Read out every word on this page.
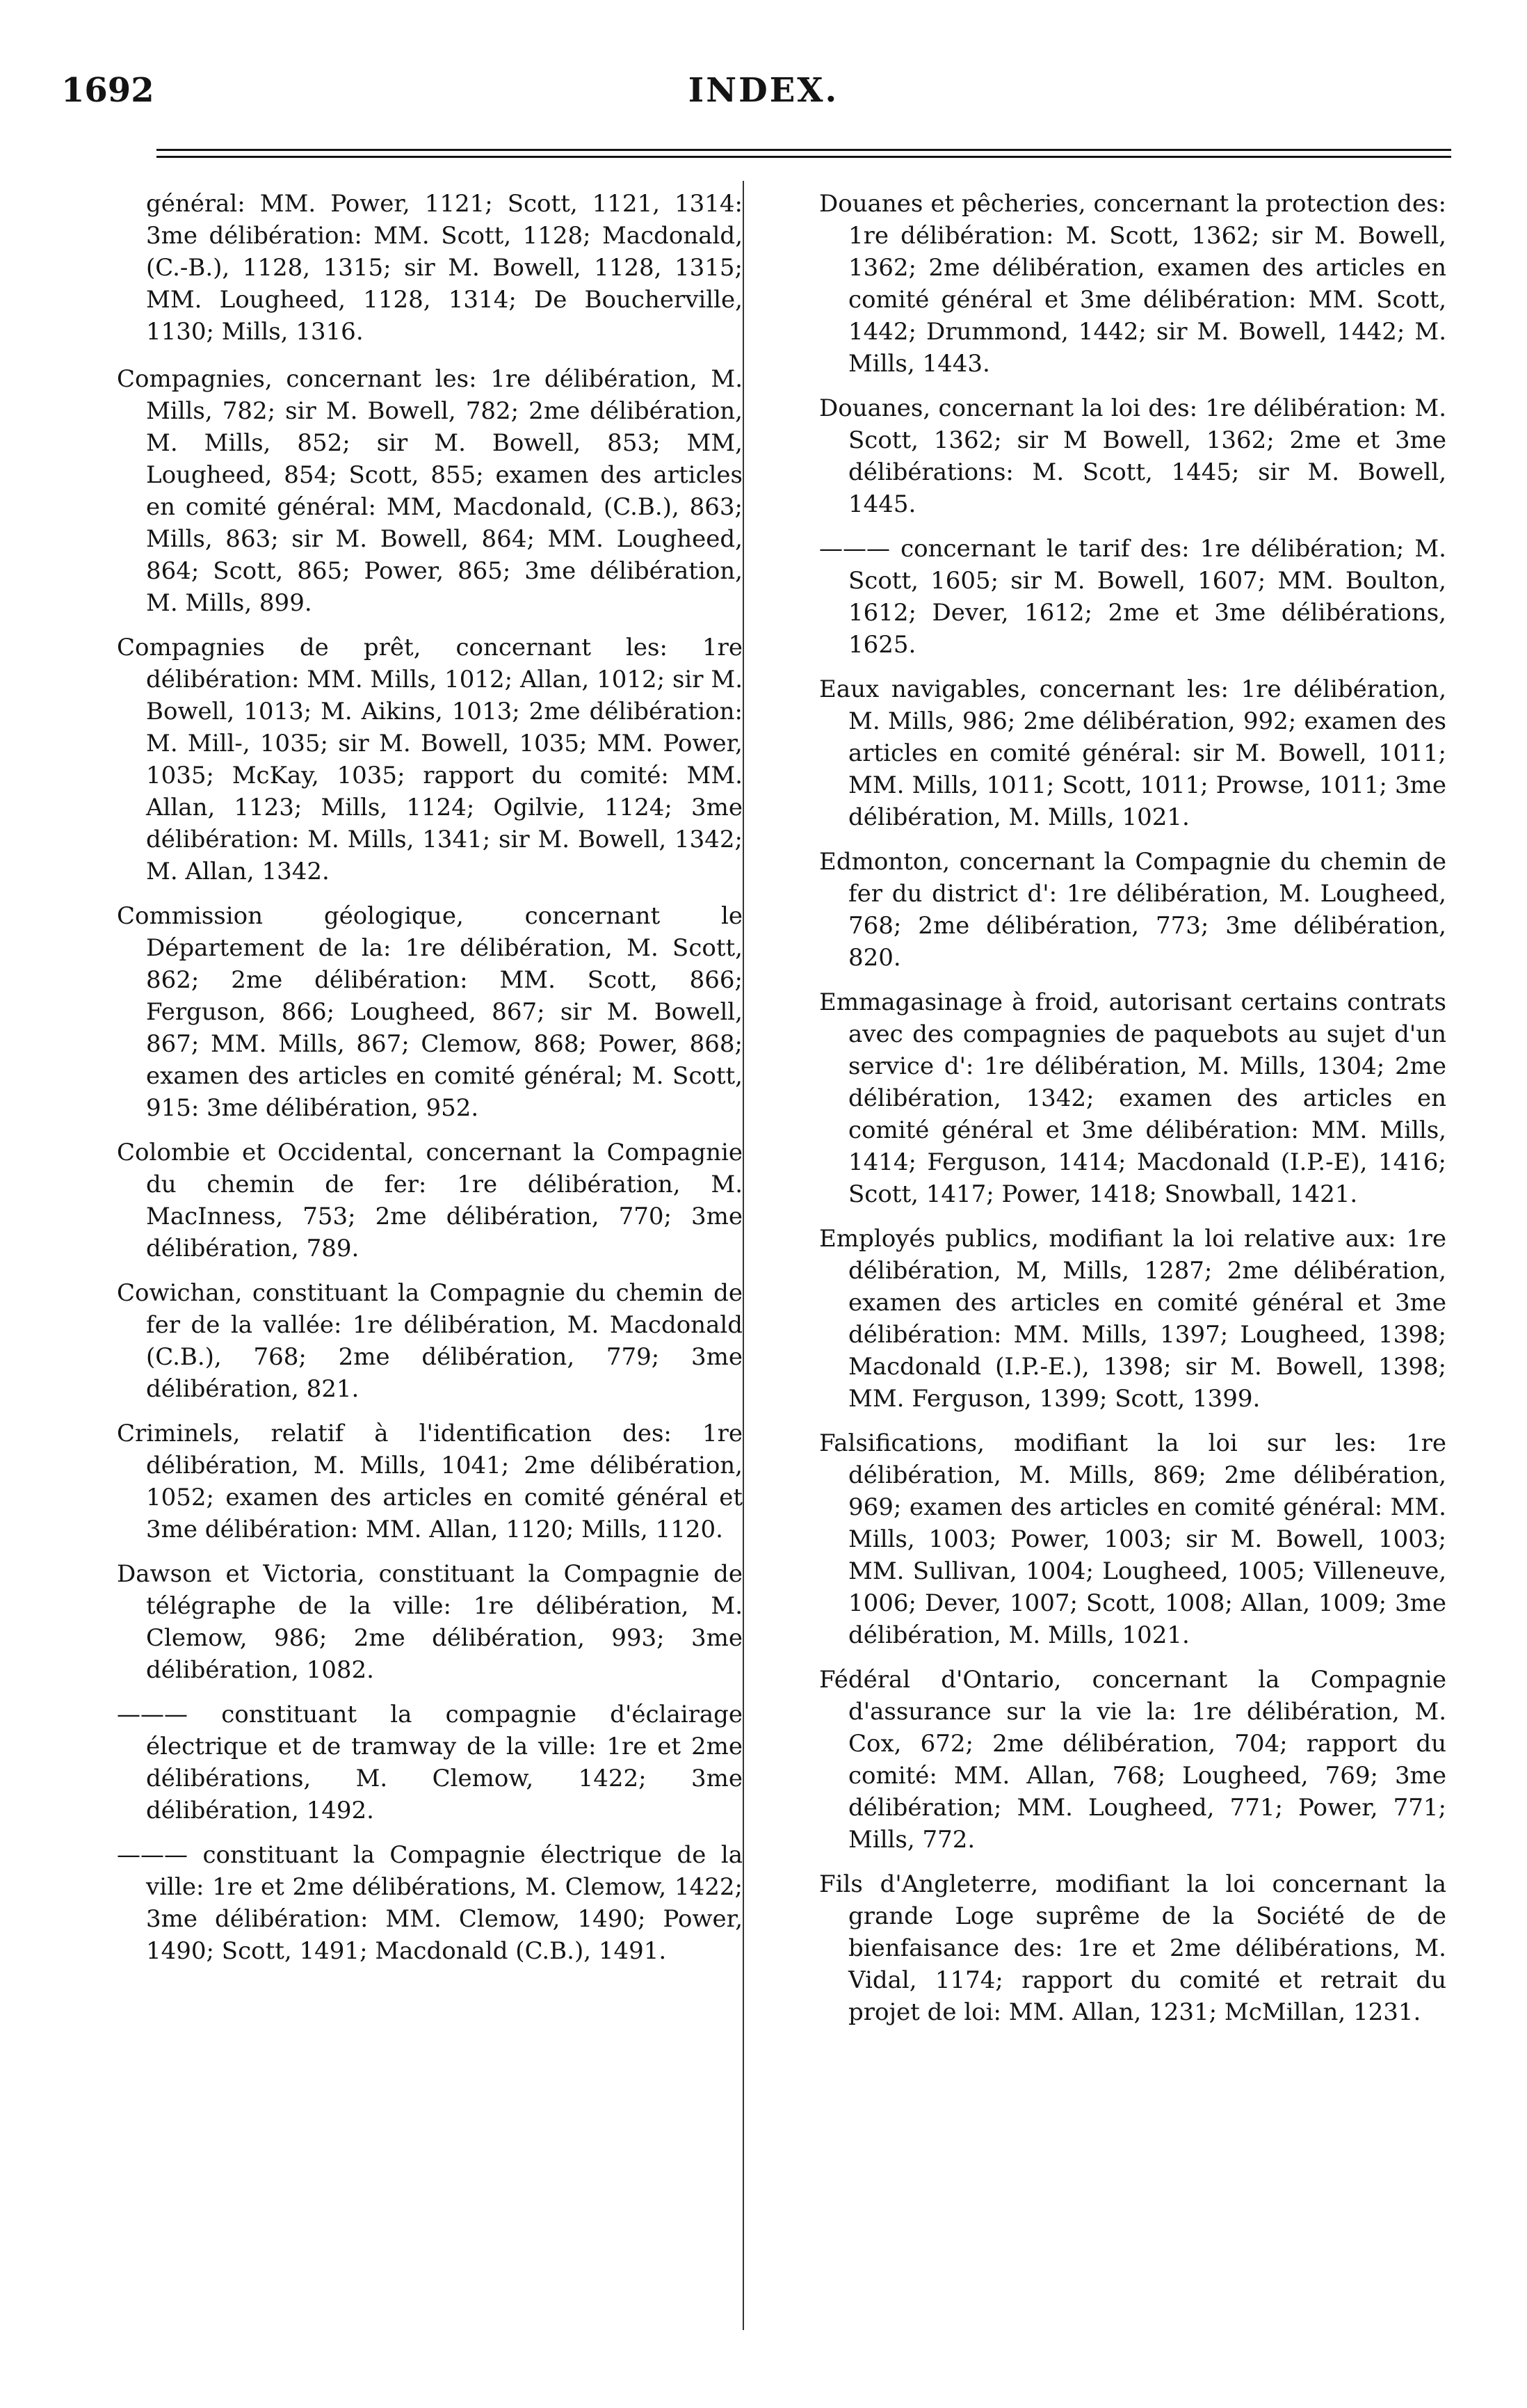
1692	INDEX.

général: MM. Power, 1121; Scott, 1121, 1314: 3me délibération: MM. Scott, 1128; Macdonald, (C.-B.), 1128, 1315; sir M. Bowell, 1128, 1315; MM. Lougheed, 1128, 1314; De Boucherville, 1130; Mills, 1316.

Compagnies, concernant les: 1re délibération, M. Mills, 782; sir M. Bowell, 782; 2me délibération, M. Mills, 852; sir M. Bowell, 853; MM, Lougheed, 854; Scott, 855; examen des articles en comité général: MM, Macdonald, (C.B.), 863; Mills, 863; sir M. Bowell, 864; MM. Lougheed, 864; Scott, 865; Power, 865; 3me délibération, M. Mills, 899.

Compagnies de prêt, concernant les: 1re délibération: MM. Mills, 1012; Allan, 1012; sir M. Bowell, 1013; M. Aikins, 1013; 2me délibération: M. Mill-, 1035; sir M. Bowell, 1035; MM. Power, 1035; McKay, 1035; rapport du comité: MM. Allan, 1123; Mills, 1124; Ogilvie, 1124; 3me délibération: M. Mills, 1341; sir M. Bowell, 1342; M. Allan, 1342.

Commission géologique, concernant le Département de la: 1re délibération, M. Scott, 862; 2me délibération: MM. Scott, 866; Ferguson, 866; Lougheed, 867; sir M. Bowell, 867; MM. Mills, 867; Clemow, 868; Power, 868; examen des articles en comité général; M. Scott, 915: 3me délibération, 952.

Colombie et Occidental, concernant la Compagnie du chemin de fer: 1re délibération, M. MacInness, 753; 2me délibération, 770; 3me délibération, 789.

Cowichan, constituant la Compagnie du chemin de fer de la vallée: 1re délibération, M. Macdonald (C.B.), 768; 2me délibération, 779; 3me délibération, 821.

Criminels, relatif à l'identification des: 1re délibération, M. Mills, 1041; 2me délibération, 1052; examen des articles en comité général et 3me délibération: MM. Allan, 1120; Mills, 1120.

Dawson et Victoria, constituant la Compagnie de télégraphe de la ville: 1re délibération, M. Clemow, 986; 2me délibération, 993; 3me délibération, 1082.

——— constituant la compagnie d'éclairage électrique et de tramway de la ville: 1re et 2me délibérations, M. Clemow, 1422; 3me délibération, 1492.

——— constituant la Compagnie électrique de la ville: 1re et 2me délibérations, M. Clemow, 1422; 3me délibération: MM. Clemow, 1490; Power, 1490; Scott, 1491; Macdonald (C.B.), 1491.

Douanes et pêcheries, concernant la protection des: 1re délibération: M. Scott, 1362; sir M. Bowell, 1362; 2me délibération, examen des articles en comité général et 3me délibération: MM. Scott, 1442; Drummond, 1442; sir M. Bowell, 1442; M. Mills, 1443.

Douanes, concernant la loi des: 1re délibération: M. Scott, 1362; sir M Bowell, 1362; 2me et 3me délibérations: M. Scott, 1445; sir M. Bowell, 1445.

——— concernant le tarif des: 1re délibération; M. Scott, 1605; sir M. Bowell, 1607; MM. Boulton, 1612; Dever, 1612; 2me et 3me délibérations, 1625.

Eaux navigables, concernant les: 1re délibération, M. Mills, 986; 2me délibération, 992; examen des articles en comité général: sir M. Bowell, 1011; MM. Mills, 1011; Scott, 1011; Prowse, 1011; 3me délibération, M. Mills, 1021.

Edmonton, concernant la Compagnie du chemin de fer du district d': 1re délibération, M. Lougheed, 768; 2me délibération, 773; 3me délibération, 820.

Emmagasinage à froid, autorisant certains contrats avec des compagnies de paquebots au sujet d'un service d': 1re délibération, M. Mills, 1304; 2me délibération, 1342; examen des articles en comité général et 3me délibération: MM. Mills, 1414; Ferguson, 1414; Macdonald (I.P.-E), 1416; Scott, 1417; Power, 1418; Snowball, 1421.

Employés publics, modifiant la loi relative aux: 1re délibération, M, Mills, 1287; 2me délibération, examen des articles en comité général et 3me délibération: MM. Mills, 1397; Lougheed, 1398; Macdonald (I.P.-E.), 1398; sir M. Bowell, 1398; MM. Ferguson, 1399; Scott, 1399.

Falsifications, modifiant la loi sur les: 1re délibération, M. Mills, 869; 2me délibération, 969; examen des articles en comité général: MM. Mills, 1003; Power, 1003; sir M. Bowell, 1003; MM. Sullivan, 1004; Lougheed, 1005; Villeneuve, 1006; Dever, 1007; Scott, 1008; Allan, 1009; 3me délibération, M. Mills, 1021.

Fédéral d'Ontario, concernant la Compagnie d'assurance sur la vie la: 1re délibération, M. Cox, 672; 2me délibération, 704; rapport du comité: MM. Allan, 768; Lougheed, 769; 3me délibération; MM. Lougheed, 771; Power, 771; Mills, 772.

Fils d'Angleterre, modifiant la loi concernant la grande Loge suprême de la Société de de bienfaisance des: 1re et 2me délibérations, M. Vidal, 1174; rapport du comité et retrait du projet de loi: MM. Allan, 1231; McMillan, 1231.
